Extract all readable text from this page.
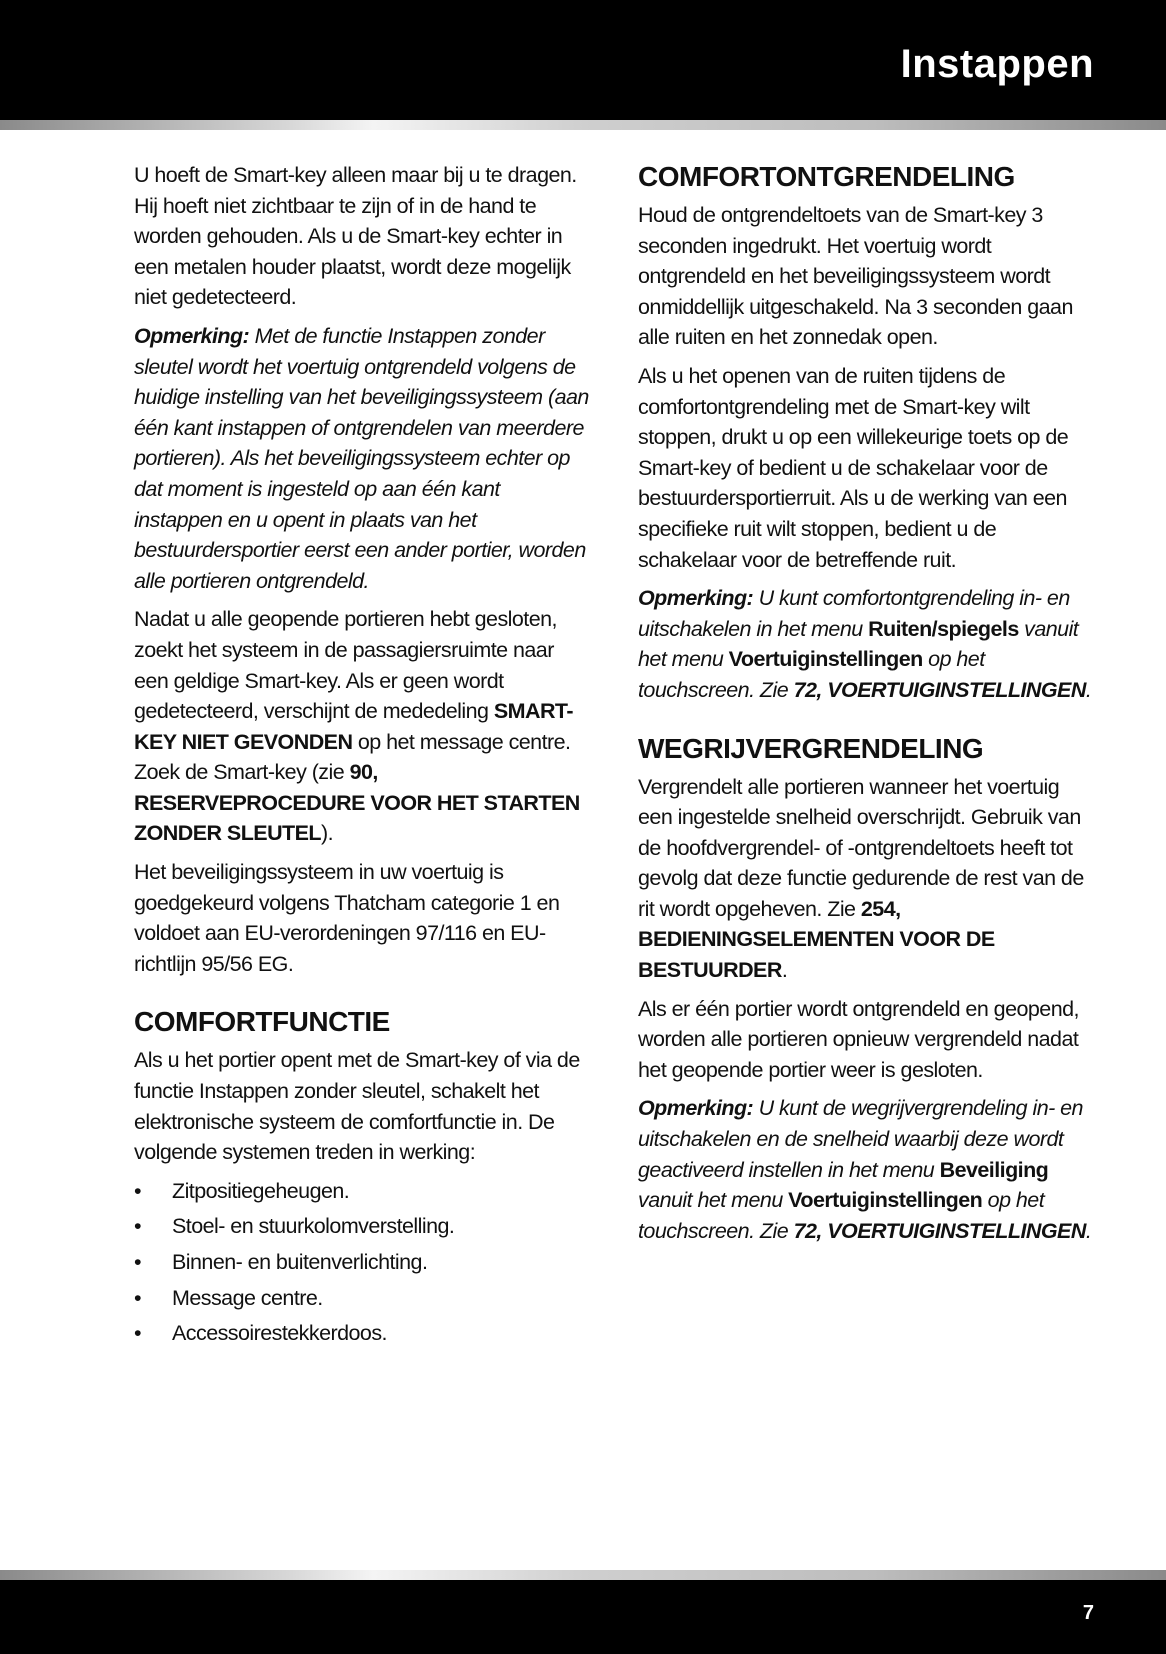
Instappen

U hoeft de Smart-key alleen maar bij u te dragen. Hij hoeft niet zichtbaar te zijn of in de hand te worden gehouden. Als u de Smart-key echter in een metalen houder plaatst, wordt deze mogelijk niet gedetecteerd.

Opmerking: Met de functie Instappen zonder sleutel wordt het voertuig ontgrendeld volgens de huidige instelling van het beveiligingssysteem (aan één kant instappen of ontgrendelen van meerdere portieren). Als het beveiligingssysteem echter op dat moment is ingesteld op aan één kant instappen en u opent in plaats van het bestuurdersportier eerst een ander portier, worden alle portieren ontgrendeld.

Nadat u alle geopende portieren hebt gesloten, zoekt het systeem in de passagiersruimte naar een geldige Smart-key. Als er geen wordt gedetecteerd, verschijnt de mededeling SMART-KEY NIET GEVONDEN op het message centre. Zoek de Smart-key (zie 90, RESERVEPROCEDURE VOOR HET STARTEN ZONDER SLEUTEL).

Het beveiligingssysteem in uw voertuig is goedgekeurd volgens Thatcham categorie 1 en voldoet aan EU-verordeningen 97/116 en EU-richtlijn 95/56 EG.

COMFORTFUNCTIE

Als u het portier opent met de Smart-key of via de functie Instappen zonder sleutel, schakelt het elektronische systeem de comfortfunctie in. De volgende systemen treden in werking:

• Zitpositiegeheugen.
• Stoel- en stuurkolomverstelling.
• Binnen- en buitenverlichting.
• Message centre.
• Accessoirestekkerdoos.
COMFORTONTGRENDELING

Houd de ontgrendeltoets van de Smart-key 3 seconden ingedrukt. Het voertuig wordt ontgrendeld en het beveiligingssysteem wordt onmiddellijk uitgeschakeld. Na 3 seconden gaan alle ruiten en het zonnedak open.

Als u het openen van de ruiten tijdens de comfortontgrendeling met de Smart-key wilt stoppen, drukt u op een willekeurige toets op de Smart-key of bedient u de schakelaar voor de bestuurdersportierruit. Als u de werking van een specifieke ruit wilt stoppen, bedient u de schakelaar voor de betreffende ruit.

Opmerking: U kunt comfortontgrendeling in- en uitschakelen in het menu Ruiten/spiegels vanuit het menu Voertuiginstellingen op het touchscreen. Zie 72, VOERTUIGINSTELLINGEN.

WEGRIJVERGRENDELING

Vergrendelt alle portieren wanneer het voertuig een ingestelde snelheid overschrijdt. Gebruik van de hoofdvergrendel- of -ontgrendeltoets heeft tot gevolg dat deze functie gedurende de rest van de rit wordt opgeheven. Zie 254, BEDIENINGSELEMENTEN VOOR DE BESTUURDER.

Als er één portier wordt ontgrendeld en geopend, worden alle portieren opnieuw vergrendeld nadat het geopende portier weer is gesloten.

Opmerking: U kunt de wegrijvergrendeling in- en uitschakelen en de snelheid waarbij deze wordt geactiveerd instellen in het menu Beveiliging vanuit het menu Voertuiginstellingen op het touchscreen. Zie 72, VOERTUIGINSTELLINGEN.

7
